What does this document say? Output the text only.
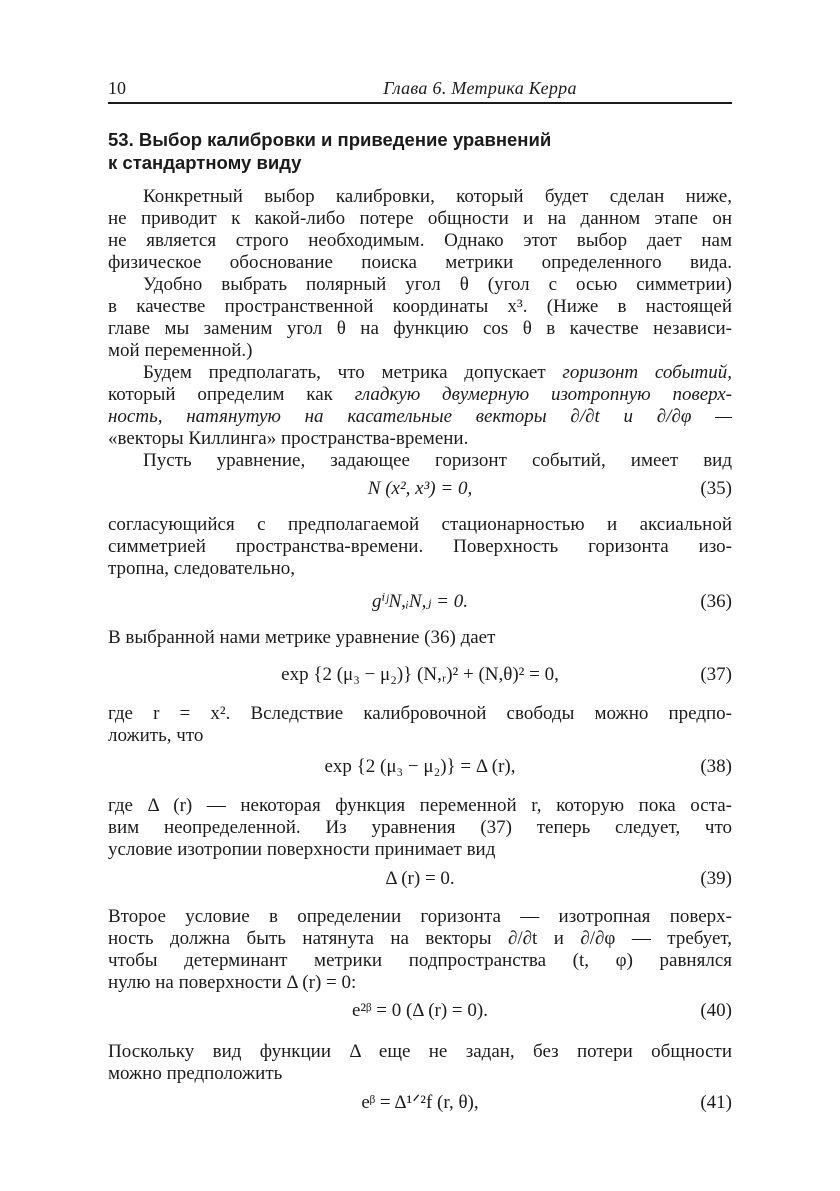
10	Глава 6. Метрика Керра
53. Выбор калибровки и приведение уравнений
к стандартному виду
Конкретный выбор калибровки, который будет сделан ниже,
не приводит к какой-либо потере общности и на данном этапе он
не является строго необходимым. Однако этот выбор дает нам
физическое обоснование поиска метрики определенного вида.
Удобно выбрать полярный угол θ (угол с осью симметрии)
в качестве пространственной координаты x³. (Ниже в настоящей
главе мы заменим угол θ на функцию cos θ в качестве независи-
мой переменной.)
Будем предполагать, что метрика допускает горизонт событий,
который определим как гладкую двумерную изотропную поверх-
ность, натянутую на касательные векторы ∂/∂t и ∂/∂φ —
«векторы Киллинга» пространства-времени.
Пусть уравнение, задающее горизонт событий, имеет вид
N (x², x³) = 0,	(35)
согласующийся с предполагаемой стационарностью и аксиальной
симметрией пространства-времени. Поверхность горизонта изо-
тропна, следовательно,
gⁱʲN,ᵢN,ⱼ = 0.	(36)
В выбранной нами метрике уравнение (36) дает
exp {2 (μ₃ − μ₂)} (N,ᵣ)² + (N,θ)² = 0,	(37)
где r = x². Вследствие калибровочной свободы можно предпо-
ложить, что
exp {2 (μ₃ − μ₂)} = Δ (r),	(38)
где Δ (r) — некоторая функция переменной r, которую пока оста-
вим неопределенной. Из уравнения (37) теперь следует, что
условие изотропии поверхности принимает вид
Δ (r) = 0.	(39)
Второе условие в определении горизонта — изотропная поверх-
ность должна быть натянута на векторы ∂/∂t и ∂/∂φ — требует,
чтобы детерминант метрики подпространства (t, φ) равнялся
нулю на поверхности Δ (r) = 0:
e²ᵝ = 0 (Δ (r) = 0).	(40)
Поскольку вид функции Δ еще не задан, без потери общности
можно предположить
eᵝ = Δ¹ᐟ²f (r, θ),	(41)
